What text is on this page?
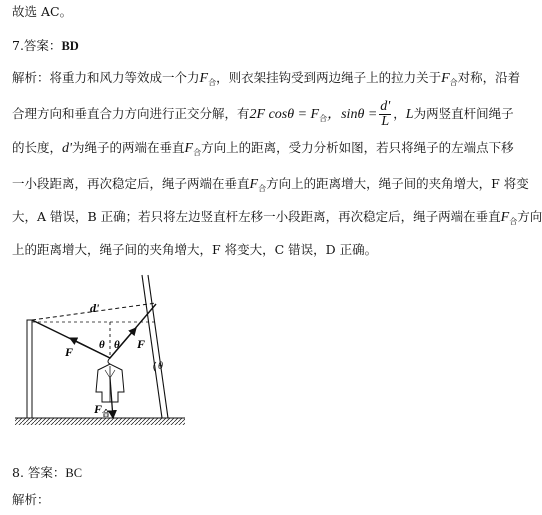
故选 AC。
7.答案：BD
解析：将重力和风力等效成一个力$F_合$，则衣架挂钩受到两边绳子上的拉力关于$F_合$对称，沿着
合理方向和垂直合力方向进行正交分解，有2F $\cos\theta = F_合$，$\sin\theta = \frac{d'}{L}$ ，L为两竖直杆间绳子
的长度，d'为绳子的两端在垂直$F_合$方向上的距离，受力分析如图，若只将绳子的左端点下移
一小段距离，再次稳定后，绳子两端在垂直$F_合$方向上的距离增大，绳子间的夹角增大，F 将变
大，A 错误，B 正确；若只将左边竖直杆左移一小段距离，再次稳定后，绳子两端在垂直$F_合$方向
上的距离增大，绳子间的夹角增大，F 将变大，C 错误，D 正确。
d'
F
F
θ θ
θ
$F_合$
8. 答案：BC
解析：
